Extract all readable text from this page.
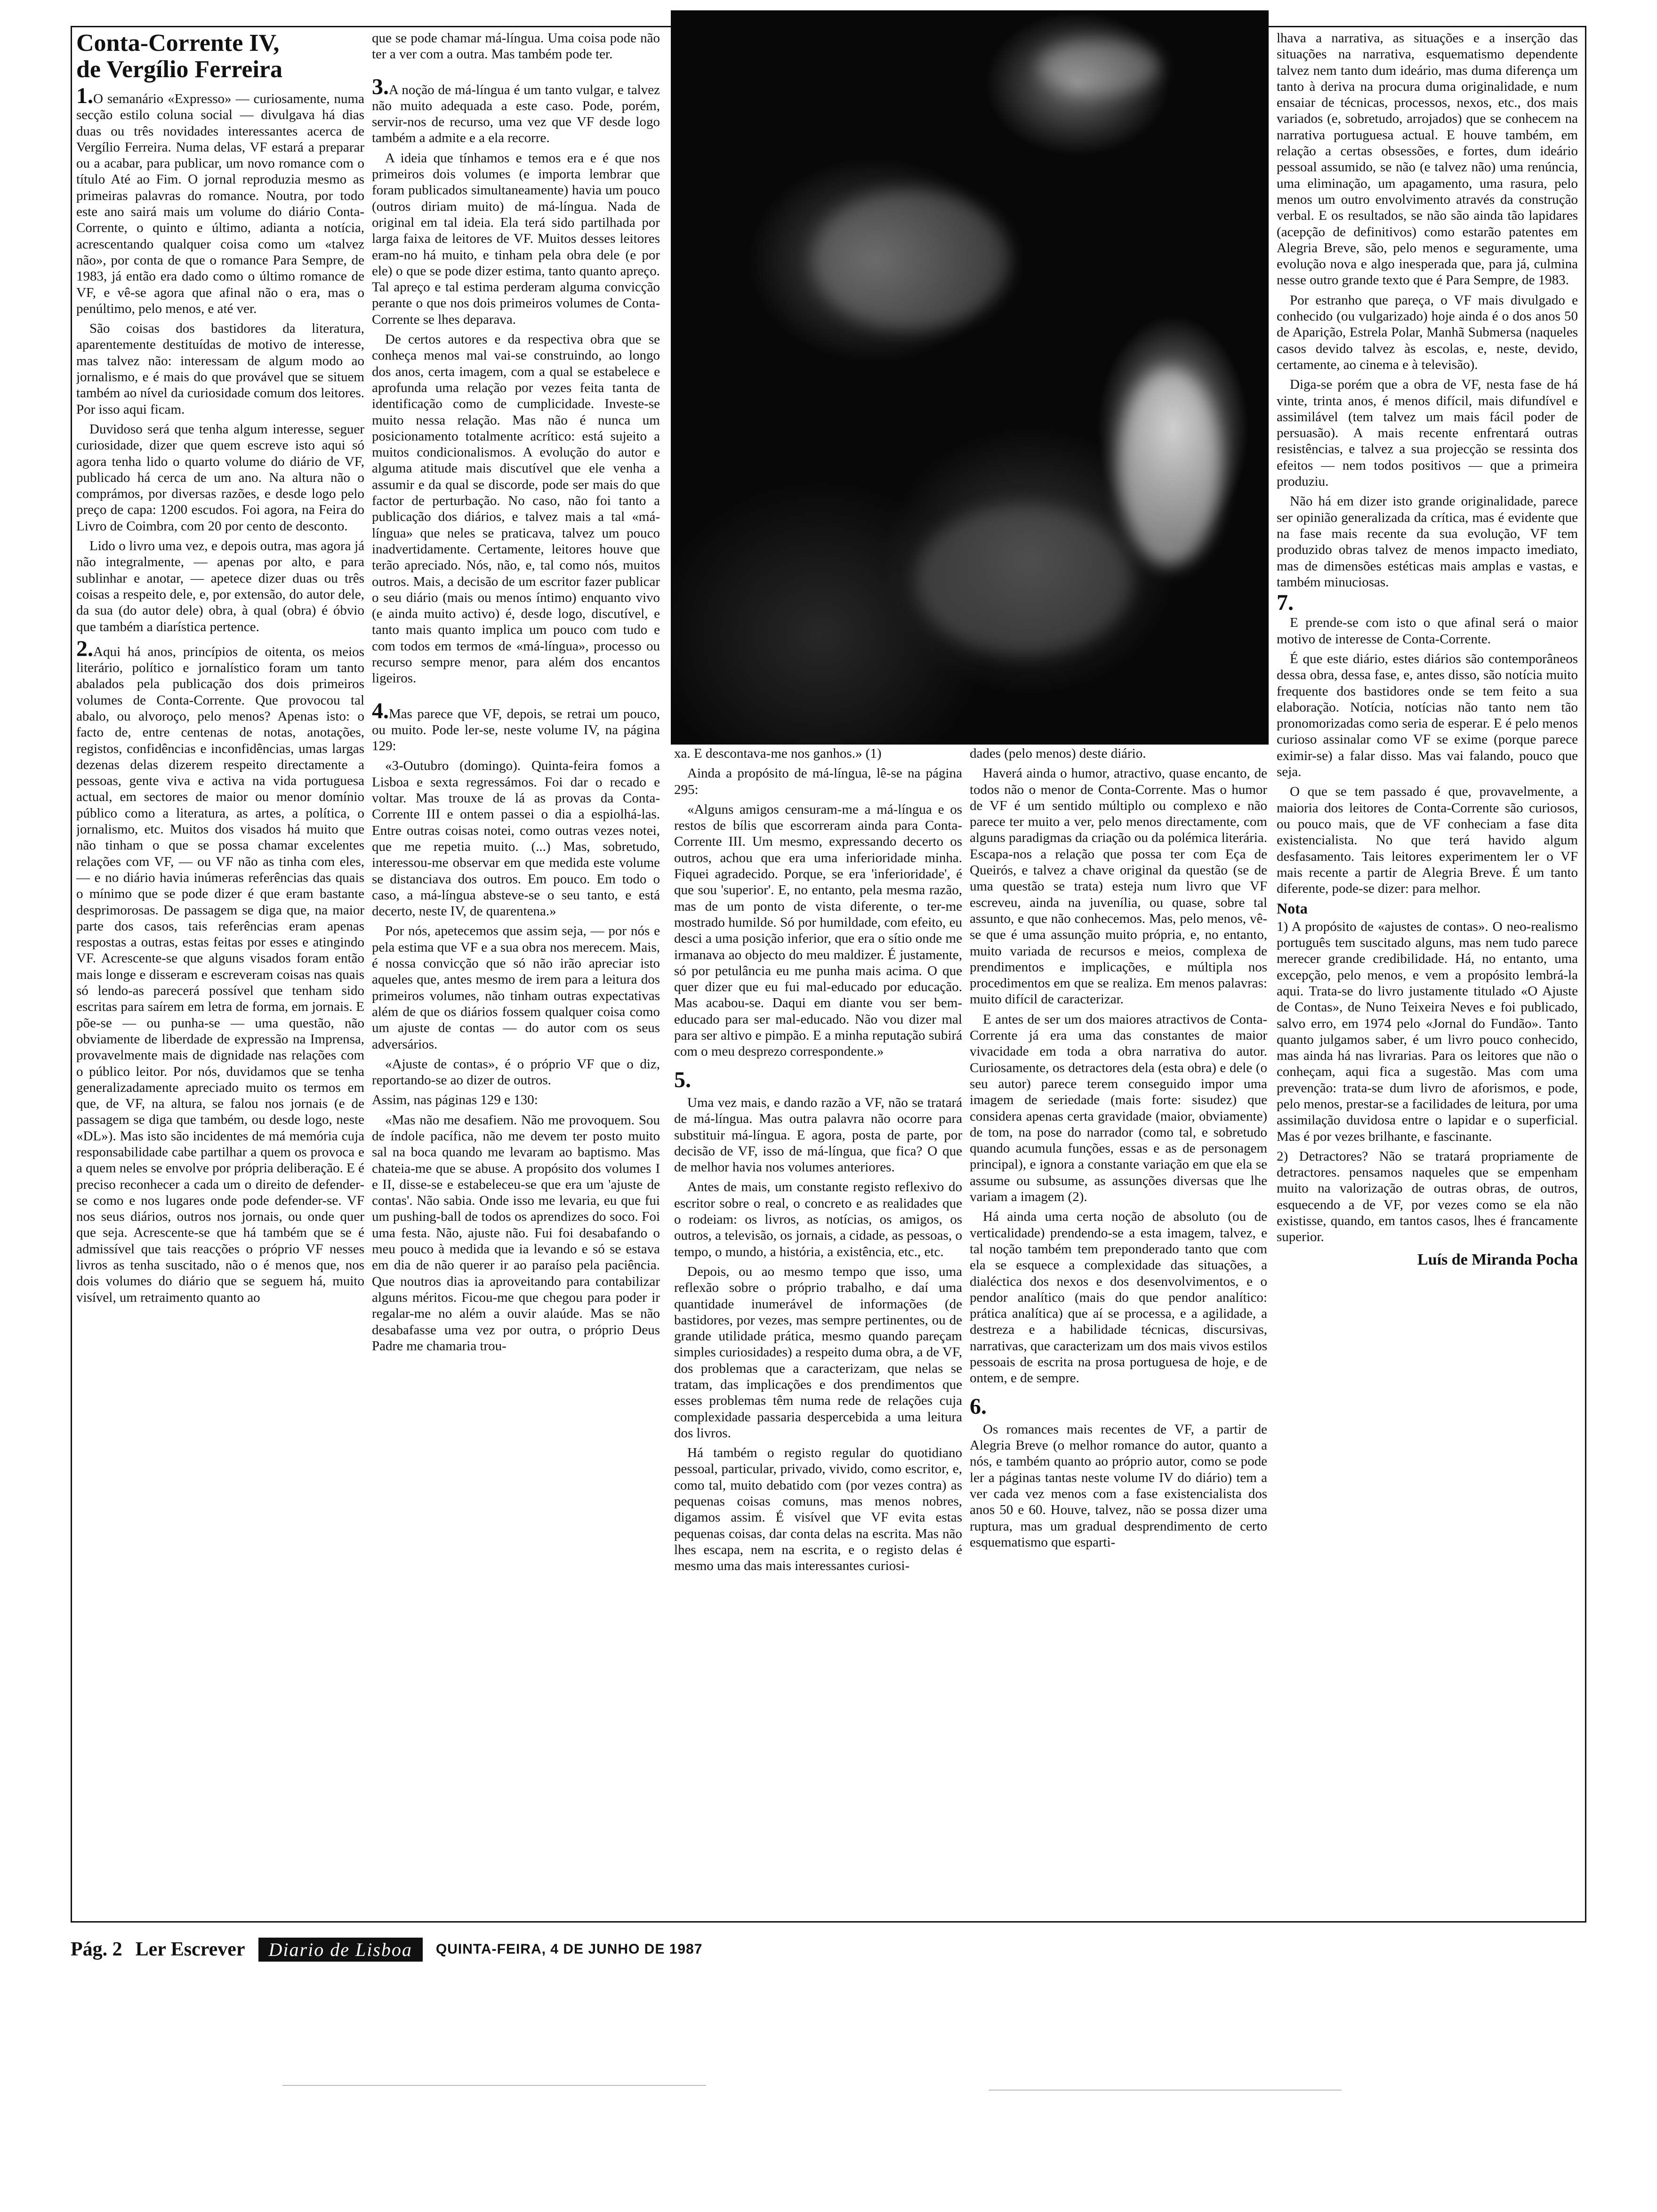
Conta-Corrente IV,
de Vergílio Ferreira

1.O semanário «Expresso» — curiosamente, numa secção estilo coluna social — divulgava há dias duas ou três novidades interessantes acerca de Vergílio Ferreira. Numa delas, VF estará a preparar ou a acabar, para publicar, um novo romance com o título Até ao Fim. O jornal reproduzia mesmo as primeiras palavras do romance. Noutra, por todo este ano sairá mais um volume do diário Conta-Corrente, o quinto e último, adianta a notícia, acrescentando qualquer coisa como um «talvez não», por conta de que o romance Para Sempre, de 1983, já então era dado como o último romance de VF, e vê-se agora que afinal não o era, mas o penúltimo, pelo menos, e até ver.

São coisas dos bastidores da literatura, aparentemente destituídas de motivo de interesse, mas talvez não: interessam de algum modo ao jornalismo, e é mais do que provável que se situem também ao nível da curiosidade comum dos leitores. Por isso aqui ficam.

Duvidoso será que tenha algum interesse, seguer curiosidade, dizer que quem escreve isto aqui só agora tenha lido o quarto volume do diário de VF, publicado há cerca de um ano. Na altura não o comprámos, por diversas razões, e desde logo pelo preço de capa: 1200 escudos. Foi agora, na Feira do Livro de Coimbra, com 20 por cento de desconto.

Lido o livro uma vez, e depois outra, mas agora já não integralmente, — apenas por alto, e para sublinhar e anotar, — apetece dizer duas ou três coisas a respeito dele, e, por extensão, do autor dele, da sua (do autor dele) obra, à qual (obra) é óbvio que também a diarística pertence.

2.Aqui há anos, princípios de oitenta, os meios literário, político e jornalístico foram um tanto abalados pela publicação dos dois primeiros volumes de Conta-Corrente. Que provocou tal abalo, ou alvoroço, pelo menos? Apenas isto: o facto de, entre centenas de notas, anotações, registos, confidências e inconfidências, umas largas dezenas delas dizerem respeito directamente a pessoas, gente viva e activa na vida portuguesa actual, em sectores de maior ou menor domínio público como a literatura, as artes, a política, o jornalismo, etc. Muitos dos visados há muito que não tinham o que se possa chamar excelentes relações com VF, — ou VF não as tinha com eles, — e no diário havia inúmeras referências das quais o mínimo que se pode dizer é que eram bastante desprimorosas. De passagem se diga que, na maior parte dos casos, tais referências eram apenas respostas a outras, estas feitas por esses e atingindo VF. Acrescente-se que alguns visados foram então mais longe e disseram e escreveram coisas nas quais só lendo-as parecerá possível que tenham sido escritas para saírem em letra de forma, em jornais. E põe-se — ou punha-se — uma questão, não obviamente de liberdade de expressão na Imprensa, provavelmente mais de dignidade nas relações com o público leitor. Por nós, duvidamos que se tenha generalizadamente apreciado muito os termos em que, de VF, na altura, se falou nos jornais (e de passagem se diga que também, ou desde logo, neste «DL»). Mas isto são incidentes de má memória cuja responsabilidade cabe partilhar a quem os provoca e a quem neles se envolve por própria deliberação. E é preciso reconhecer a cada um o direito de defender-se como e nos lugares onde pode defender-se. VF nos seus diários, outros nos jornais, ou onde quer que seja. Acrescente-se que há também que se é admissível que tais reacções o próprio VF nesses livros as tenha suscitado, não o é menos que, nos dois volumes do diário que se seguem há, muito visível, um retraimento quanto ao

que se pode chamar má-língua. Uma coisa pode não ter a ver com a outra. Mas também pode ter.

3.A noção de má-língua é um tanto vulgar, e talvez não muito adequada a este caso. Pode, porém, servir-nos de recurso, uma vez que VF desde logo também a admite e a ela recorre.

A ideia que tínhamos e temos era e é que nos primeiros dois volumes (e importa lembrar que foram publicados simultaneamente) havia um pouco (outros diriam muito) de má-língua. Nada de original em tal ideia. Ela terá sido partilhada por larga faixa de leitores de VF. Muitos desses leitores eram-no há muito, e tinham pela obra dele (e por ele) o que se pode dizer estima, tanto quanto apreço. Tal apreço e tal estima perderam alguma convicção perante o que nos dois primeiros volumes de Conta-Corrente se lhes deparava.

De certos autores e da respectiva obra que se conheça menos mal vai-se construindo, ao longo dos anos, certa imagem, com a qual se estabelece e aprofunda uma relação por vezes feita tanta de identificação como de cumplicidade. Investe-se muito nessa relação. Mas não é nunca um posicionamento totalmente acrítico: está sujeito a muitos condicionalismos. A evolução do autor e alguma atitude mais discutível que ele venha a assumir e da qual se discorde, pode ser mais do que factor de perturbação. No caso, não foi tanto a publicação dos diários, e talvez mais a tal «má-língua» que neles se praticava, talvez um pouco inadvertidamente. Certamente, leitores houve que terão apreciado. Nós, não, e, tal como nós, muitos outros. Mais, a decisão de um escritor fazer publicar o seu diário (mais ou menos íntimo) enquanto vivo (e ainda muito activo) é, desde logo, discutível, e tanto mais quanto implica um pouco com tudo e com todos em termos de «má-língua», processo ou recurso sempre menor, para além dos encantos ligeiros.

4.Mas parece que VF, depois, se retrai um pouco, ou muito. Pode ler-se, neste volume IV, na página 129:

«3-Outubro (domingo). Quinta-feira fomos a Lisboa e sexta regressámos. Foi dar o recado e voltar. Mas trouxe de lá as provas da Conta-Corrente III e ontem passei o dia a espiolhá-las. Entre outras coisas notei, como outras vezes notei, que me repetia muito. (...) Mas, sobretudo, interessou-me observar em que medida este volume se distanciava dos outros. Em pouco. Em todo o caso, a má-língua absteve-se o seu tanto, e está decerto, neste IV, de quarentena.»

Por nós, apetecemos que assim seja, — por nós e pela estima que VF e a sua obra nos merecem. Mais, é nossa convicção que só não irão apreciar isto aqueles que, antes mesmo de irem para a leitura dos primeiros volumes, não tinham outras expectativas além de que os diários fossem qualquer coisa como um ajuste de contas — do autor com os seus adversários.

«Ajuste de contas», é o próprio VF que o diz, reportando-se ao dizer de outros.

Assim, nas páginas 129 e 130:

«Mas não me desafiem. Não me provoquem. Sou de índole pacífica, não me devem ter posto muito sal na boca quando me levaram ao baptismo. Mas chateia-me que se abuse. A propósito dos volumes I e II, disse-se e estabeleceu-se que era um 'ajuste de contas'. Não sabia. Onde isso me levaria, eu que fui um pushing-ball de todos os aprendizes do soco. Foi uma festa. Não, ajuste não. Fui foi desabafando o meu pouco à medida que ia levando e só se estava em dia de não querer ir ao paraíso pela paciência. Que noutros dias ia aproveitando para contabilizar alguns méritos. Ficou-me que chegou para poder ir regalar-me no além a ouvir alaúde. Mas se não desabafasse uma vez por outra, o próprio Deus Padre me chamaria trou-

xa. E descontava-me nos ganhos.» (1)

Ainda a propósito de má-língua, lê-se na página 295:

«Alguns amigos censuram-me a má-língua e os restos de bílis que escorreram ainda para Conta-Corrente III. Um mesmo, expressando decerto os outros, achou que era uma inferioridade minha. Fiquei agradecido. Porque, se era 'inferioridade', é que sou 'superior'. E, no entanto, pela mesma razão, mas de um ponto de vista diferente, o ter-me mostrado humilde. Só por humildade, com efeito, eu desci a uma posição inferior, que era o sítio onde me irmanava ao objecto do meu maldizer. É justamente, só por petulância eu me punha mais acima. O que quer dizer que eu fui mal-educado por educação. Mas acabou-se. Daqui em diante vou ser bem-educado para ser mal-educado. Não vou dizer mal para ser altivo e pimpão. E a minha reputação subirá com o meu desprezo correspondente.»

5.

Uma vez mais, e dando razão a VF, não se tratará de má-língua. Mas outra palavra não ocorre para substituir má-língua. E agora, posta de parte, por decisão de VF, isso de má-língua, que fica? O que de melhor havia nos volumes anteriores.

Antes de mais, um constante registo reflexivo do escritor sobre o real, o concreto e as realidades que o rodeiam: os livros, as notícias, os amigos, os outros, a televisão, os jornais, a cidade, as pessoas, o tempo, o mundo, a história, a existência, etc., etc.

Depois, ou ao mesmo tempo que isso, uma reflexão sobre o próprio trabalho, e daí uma quantidade inumerável de informações (de bastidores, por vezes, mas sempre pertinentes, ou de grande utilidade prática, mesmo quando pareçam simples curiosidades) a respeito duma obra, a de VF, dos problemas que a caracterizam, que nelas se tratam, das implicações e dos prendimentos que esses problemas têm numa rede de relações cuja complexidade passaria despercebida a uma leitura dos livros.

Há também o registo regular do quotidiano pessoal, particular, privado, vivido, como escritor, e, como tal, muito debatido com (por vezes contra) as pequenas coisas comuns, mas menos nobres, digamos assim. É visível que VF evita estas pequenas coisas, dar conta delas na escrita. Mas não lhes escapa, nem na escrita, e o registo delas é mesmo uma das mais interessantes curiosi-

dades (pelo menos) deste diário.

Haverá ainda o humor, atractivo, quase encanto, de todos não o menor de Conta-Corrente. Mas o humor de VF é um sentido múltiplo ou complexo e não parece ter muito a ver, pelo menos directamente, com alguns paradigmas da criação ou da polémica literária. Escapa-nos a relação que possa ter com Eça de Queirós, e talvez a chave original da questão (se de uma questão se trata) esteja num livro que VF escreveu, ainda na juvenília, ou quase, sobre tal assunto, e que não conhecemos. Mas, pelo menos, vê-se que é uma assunção muito própria, e, no entanto, muito variada de recursos e meios, complexa de prendimentos e implicações, e múltipla nos procedimentos em que se realiza. Em menos palavras: muito difícil de caracterizar.

E antes de ser um dos maiores atractivos de Conta-Corrente já era uma das constantes de maior vivacidade em toda a obra narrativa do autor. Curiosamente, os detractores dela (esta obra) e dele (o seu autor) parece terem conseguido impor uma imagem de seriedade (mais forte: sisudez) que considera apenas certa gravidade (maior, obviamente) de tom, na pose do narrador (como tal, e sobretudo quando acumula funções, essas e as de personagem principal), e ignora a constante variação em que ela se assume ou subsume, as assunções diversas que lhe variam a imagem (2).

Há ainda uma certa noção de absoluto (ou de verticalidade) prendendo-se a esta imagem, talvez, e tal noção também tem preponderado tanto que com ela se esquece a complexidade das situações, a dialéctica dos nexos e dos desenvolvimentos, e o pendor analítico (mais do que pendor analítico: prática analítica) que aí se processa, e a agilidade, a destreza e a habilidade técnicas, discursivas, narrativas, que caracterizam um dos mais vivos estilos pessoais de escrita na prosa portuguesa de hoje, e de ontem, e de sempre.

6.

Os romances mais recentes de VF, a partir de Alegria Breve (o melhor romance do autor, quanto a nós, e também quanto ao próprio autor, como se pode ler a páginas tantas neste volume IV do diário) tem a ver cada vez menos com a fase existencialista dos anos 50 e 60. Houve, talvez, não se possa dizer uma ruptura, mas um gradual desprendimento de certo esquematismo que esparti-

lhava a narrativa, as situações e a inserção das situações na narrativa, esquematismo dependente talvez nem tanto dum ideário, mas duma diferença um tanto à deriva na procura duma originalidade, e num ensaiar de técnicas, processos, nexos, etc., dos mais variados (e, sobretudo, arrojados) que se conhecem na narrativa portuguesa actual. E houve também, em relação a certas obsessões, e fortes, dum ideário pessoal assumido, se não (e talvez não) uma renúncia, uma eliminação, um apagamento, uma rasura, pelo menos um outro envolvimento através da construção verbal. E os resultados, se não são ainda tão lapidares (acepção de definitivos) como estarão patentes em Alegria Breve, são, pelo menos e seguramente, uma evolução nova e algo inesperada que, para já, culmina nesse outro grande texto que é Para Sempre, de 1983.

Por estranho que pareça, o VF mais divulgado e conhecido (ou vulgarizado) hoje ainda é o dos anos 50 de Aparição, Estrela Polar, Manhã Submersa (naqueles casos devido talvez às escolas, e, neste, devido, certamente, ao cinema e à televisão).

Diga-se porém que a obra de VF, nesta fase de há vinte, trinta anos, é menos difícil, mais difundível e assimilável (tem talvez um mais fácil poder de persuasão). A mais recente enfrentará outras resistências, e talvez a sua projecção se ressinta dos efeitos — nem todos positivos — que a primeira produziu.

Não há em dizer isto grande originalidade, parece ser opinião generalizada da crítica, mas é evidente que na fase mais recente da sua evolução, VF tem produzido obras talvez de menos impacto imediato, mas de dimensões estéticas mais amplas e vastas, e também minuciosas.

7.

E prende-se com isto o que afinal será o maior motivo de interesse de Conta-Corrente.

É que este diário, estes diários são contemporâneos dessa obra, dessa fase, e, antes disso, são notícia muito frequente dos bastidores onde se tem feito a sua elaboração. Notícia, notícias não tanto nem tão pronomorizadas como seria de esperar. E é pelo menos curioso assinalar como VF se exime (porque parece eximir-se) a falar disso. Mas vai falando, pouco que seja.

O que se tem passado é que, provavelmente, a maioria dos leitores de Conta-Corrente são curiosos, ou pouco mais, que de VF conheciam a fase dita existencialista. No que terá havido algum desfasamento. Tais leitores experimentem ler o VF mais recente a partir de Alegria Breve. É um tanto diferente, pode-se dizer: para melhor.

Nota

1) A propósito de «ajustes de contas». O neo-realismo português tem suscitado alguns, mas nem tudo parece merecer grande credibilidade. Há, no entanto, uma excepção, pelo menos, e vem a propósito lembrá-la aqui. Trata-se do livro justamente titulado «O Ajuste de Contas», de Nuno Teixeira Neves e foi publicado, salvo erro, em 1974 pelo «Jornal do Fundão». Tanto quanto julgamos saber, é um livro pouco conhecido, mas ainda há nas livrarias. Para os leitores que não o conheçam, aqui fica a sugestão. Mas com uma prevenção: trata-se dum livro de aforismos, e pode, pelo menos, prestar-se a facilidades de leitura, por uma assimilação duvidosa entre o lapidar e o superficial. Mas é por vezes brilhante, e fascinante.

2) Detractores? Não se tratará propriamente de detractores. pensamos naqueles que se empenham muito na valorização de outras obras, de outros, esquecendo a de VF, por vezes como se ela não existisse, quando, em tantos casos, lhes é francamente superior.

Luís de Miranda Pocha
Pág. 2 Ler Escrever	Diario de Lisboa	QUINTA-FEIRA, 4 DE JUNHO DE 1987
